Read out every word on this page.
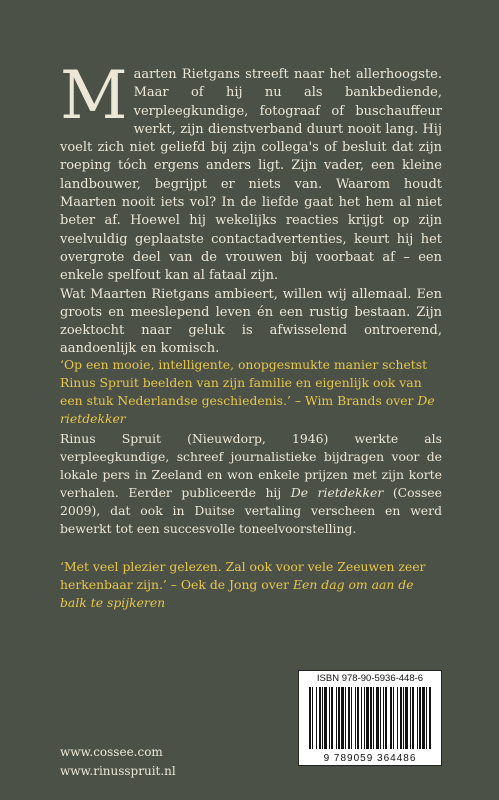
Maarten Rietgans streeft naar het allerhoogste. Maar of hij nu als bankbediende, verpleegkundige, fotograaf of buschauffeur werkt, zijn dienstverband duurt nooit lang. Hij voelt zich niet geliefd bij zijn collega's of besluit dat zijn roeping tóch ergens anders ligt. Zijn vader, een kleine landbouwer, begrijpt er niets van. Waarom houdt Maarten nooit iets vol? In de liefde gaat het hem al niet beter af. Hoewel hij wekelijks reacties krijgt op zijn veelvuldig geplaatste contactadvertenties, keurt hij het overgrote deel van de vrouwen bij voorbaat af – een enkele spelfout kan al fataal zijn.
Wat Maarten Rietgans ambieert, willen wij allemaal. Een groots en meeslepend leven én een rustig bestaan. Zijn zoektocht naar geluk is afwisselend ontroerend, aandoenlijk en komisch.

‘Op een mooie, intelligente, onopgesmukte manier schetst Rinus Spruit beelden van zijn familie en eigenlijk ook van een stuk Nederlandse geschiedenis.’ – Wim Brands over De rietdekker

Rinus Spruit (Nieuwdorp, 1946) werkte als verpleegkundige, schreef journalistieke bijdragen voor de lokale pers in Zeeland en won enkele prijzen met zijn korte verhalen. Eerder publiceerde hij De rietdekker (Cossee 2009), dat ook in Duitse vertaling verscheen en werd bewerkt tot een succesvolle toneelvoorstelling.

‘Met veel plezier gelezen. Zal ook voor vele Zeeuwen zeer herkenbaar zijn.’ – Oek de Jong over Een dag om aan de balk te spijkeren

ISBN 978-90-5936-448-6
9 789059 364486

www.cossee.com

www.rinusspruit.nl
